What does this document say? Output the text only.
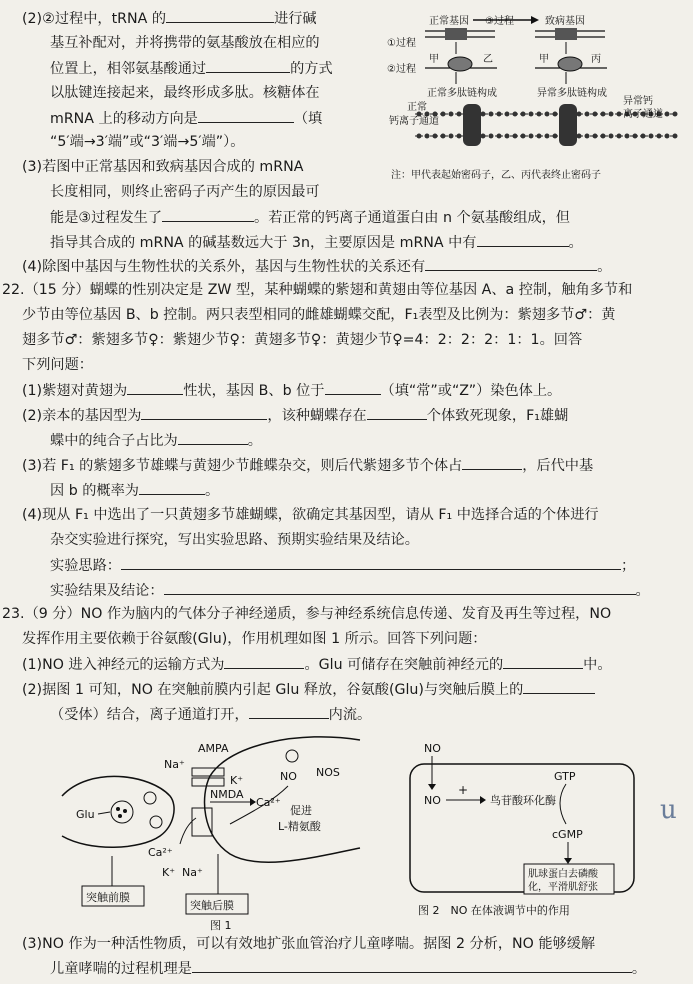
(2)②过程中，tRNA 的	进行碱
基互补配对，并将携带的氨基酸放在相应的
位置上，相邻氨基酸通过	的方式
以肽键连接起来，最终形成多肽。核糖体在
mRNA 上的移动方向是	（填
“5′端→3′端”或“3′端→5′端”）。
正常基因 ③过程	致病基因
①过程
甲	乙	甲	丙
②过程
正常多肽链构成	异常多肽链构成
正常
钙离子通道
异常钙
离子通道
注：甲代表起始密码子，乙、丙代表终止密码子
(3)若图中正常基因和致病基因合成的 mRNA
长度相同，则终止密码子丙产生的原因最可
能是③过程发生了	。若正常的钙离子通道蛋白由 n 个氨基酸组成，但
指导其合成的 mRNA 的碱基数远大于 3n，主要原因是 mRNA 中有	。
(4)除图中基因与生物性状的关系外，基因与生物性状的关系还有	。
22.（15 分）蝴蝶的性别决定是 ZW 型，某种蝴蝶的紫翅和黄翅由等位基因 A、a 控制，触角多节和
少节由等位基因 B、b 控制。两只表型相同的雌雄蝴蝶交配，F₁表型及比例为：紫翅多节♂：黄
翅多节♂：紫翅多节♀：紫翅少节♀：黄翅多节♀：黄翅少节♀=4：2：2：2：1：1。回答
下列问题：
(1)紫翅对黄翅为	性状，基因 B、b 位于	（填“常”或“Z”）染色体上。
(2)亲本的基因型为	，该种蝴蝶存在	个体致死现象，F₁雄蝴
蝶中的纯合子占比为	。
(3)若 F₁ 的紫翅多节雄蝶与黄翅少节雌蝶杂交，则后代紫翅多节个体占	，后代中基
因 b 的概率为	。
(4)现从 F₁ 中选出了一只黄翅多节雄蝴蝶，欲确定其基因型，请从 F₁ 中选择合适的个体进行
杂交实验进行探究，写出实验思路、预期实验结果及结论。
实验思路：	；
实验结果及结论：	。
23.（9 分）NO 作为脑内的气体分子神经递质，参与神经系统信息传递、发育及再生等过程，NO
发挥作用主要依赖于谷氨酸(Glu)，作用机理如图 1 所示。回答下列问题：
(1)NO 进入神经元的运输方式为	。Glu 可储存在突触前神经元的	中。
(2)据图 1 可知，NO 在突触前膜内引起 Glu 释放，谷氨酸(Glu)与突触后膜上的
（受体）结合，离子通道打开，	内流。
Glu
AMPA
Na⁺
K⁺
NMDA
Ca²⁺
NO NOS
促进
L-精氨酸
Ca²⁺
K⁺ Na⁺
突触前膜
突触后膜
图 1
NO
NO
+
鸟苷酸环化酶
GTP
cGMP
肌球蛋白去磷酸
化，平滑肌舒张
图 2　NO 在体液调节中的作用
u
(3)NO 作为一种活性物质，可以有效地扩张血管治疗儿童哮喘。据图 2 分析，NO 能够缓解
儿童哮喘的过程机理是	。
